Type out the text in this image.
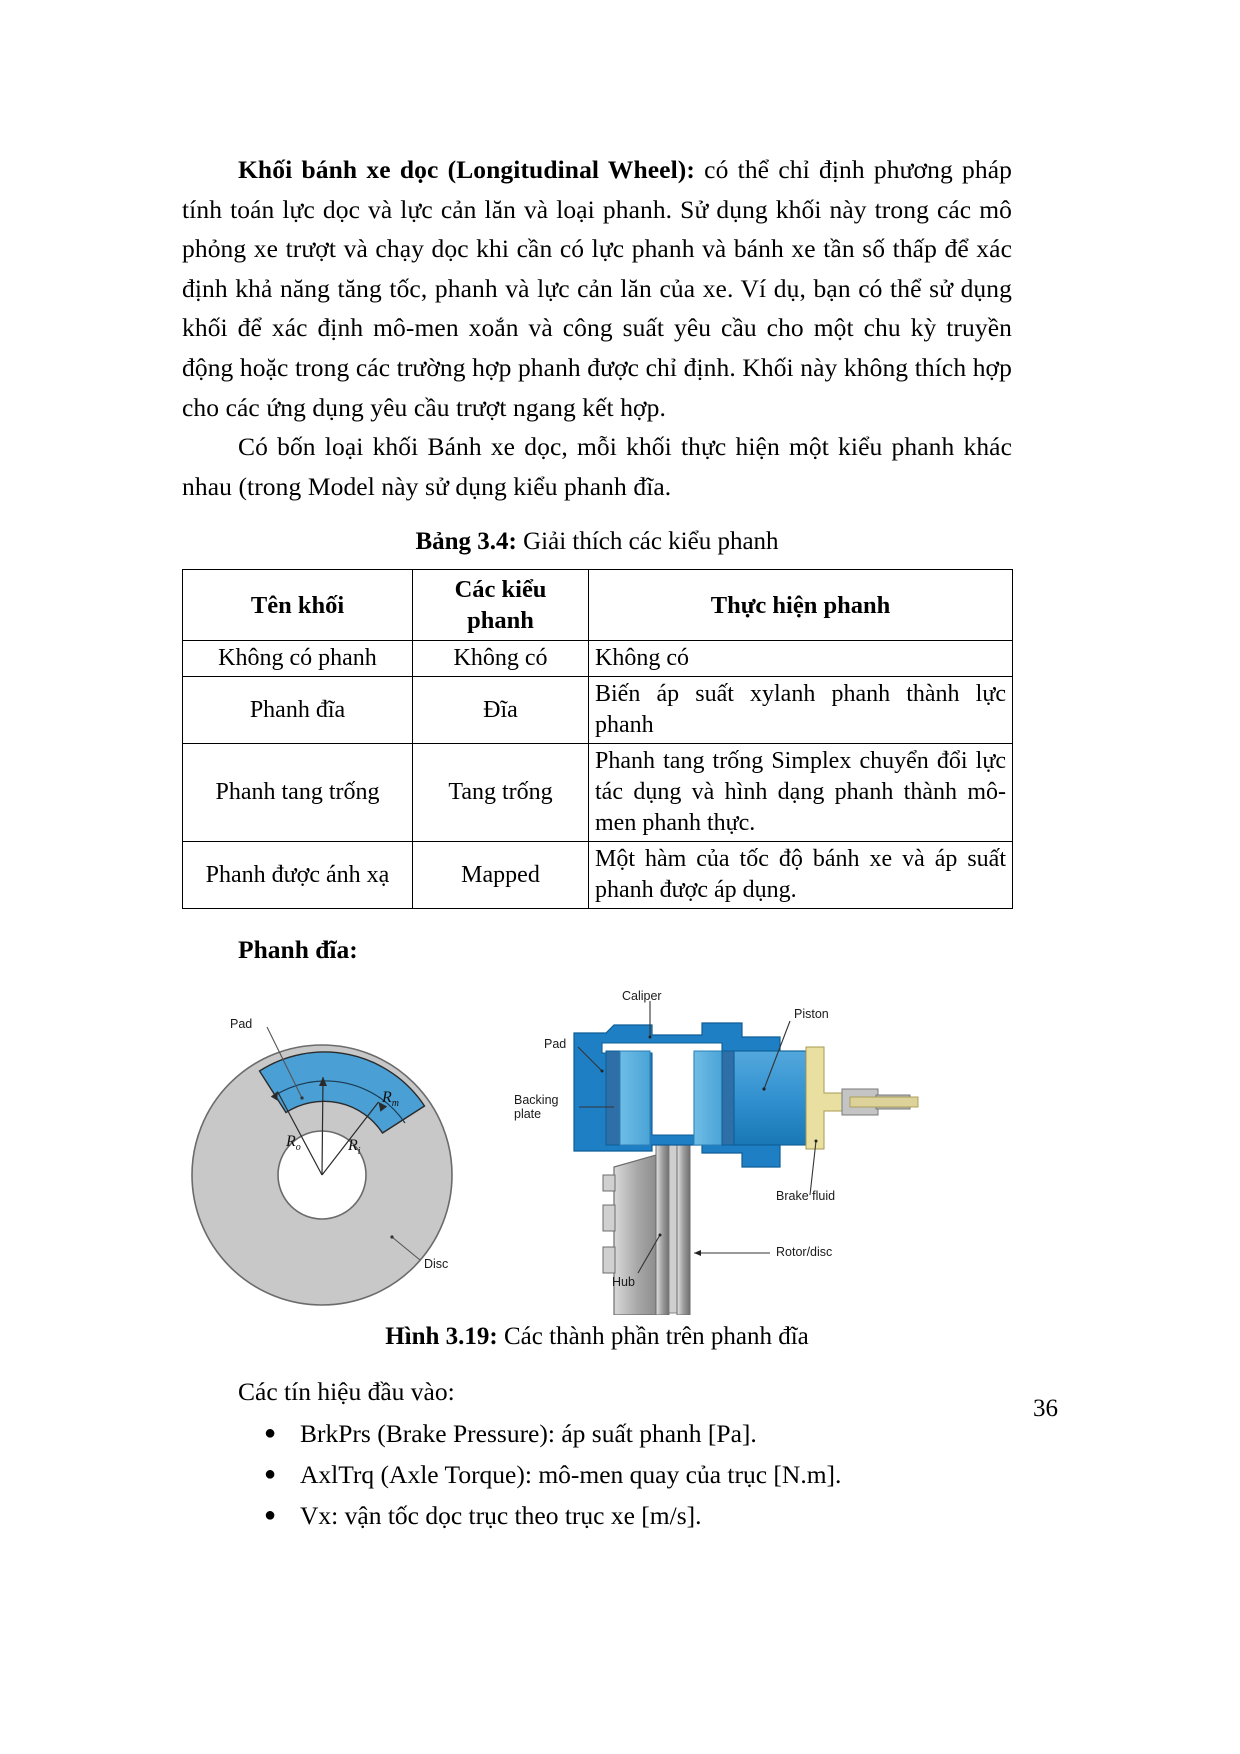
Khối bánh xe dọc (Longitudinal Wheel): có thể chỉ định phương pháp tính toán lực dọc và lực cản lăn và loại phanh. Sử dụng khối này trong các mô phỏng xe trượt và chạy dọc khi cần có lực phanh và bánh xe tần số thấp để xác định khả năng tăng tốc, phanh và lực cản lăn của xe. Ví dụ, bạn có thể sử dụng khối để xác định mô-men xoắn và công suất yêu cầu cho một chu kỳ truyền động hoặc trong các trường hợp phanh được chỉ định. Khối này không thích hợp cho các ứng dụng yêu cầu trượt ngang kết hợp.

Có bốn loại khối Bánh xe dọc, mỗi khối thực hiện một kiểu phanh khác nhau (trong Model này sử dụng kiểu phanh đĩa.

Bảng 3.4: Giải thích các kiểu phanh
Tên khối	Các kiểu phanh	Thực hiện phanh
Không có phanh	Không có	Không có
Phanh đĩa	Đĩa	Biến áp suất xylanh phanh thành lực phanh
Phanh tang trống	Tang trống	Phanh tang trống Simplex chuyển đổi lực tác dụng và hình dạng phanh thành mô-men phanh thực.
Phanh được ánh xạ	Mapped	Một hàm của tốc độ bánh xe và áp suất phanh được áp dụng.
Phanh đĩa:
Pad
$R_m$
$R_o$	$R_i$
Disc
Caliper
Piston
Pad
Backing
plate
Brake fluid
Rotor/disc
Hub
Hình 3.19: Các thành phần trên phanh đĩa
Các tín hiệu đầu vào:
● BrkPrs (Brake Pressure): áp suất phanh [Pa].
● AxlTrq (Axle Torque): mô-men quay của trục [N.m].
● Vx: vận tốc dọc trục theo trục xe [m/s].
36
